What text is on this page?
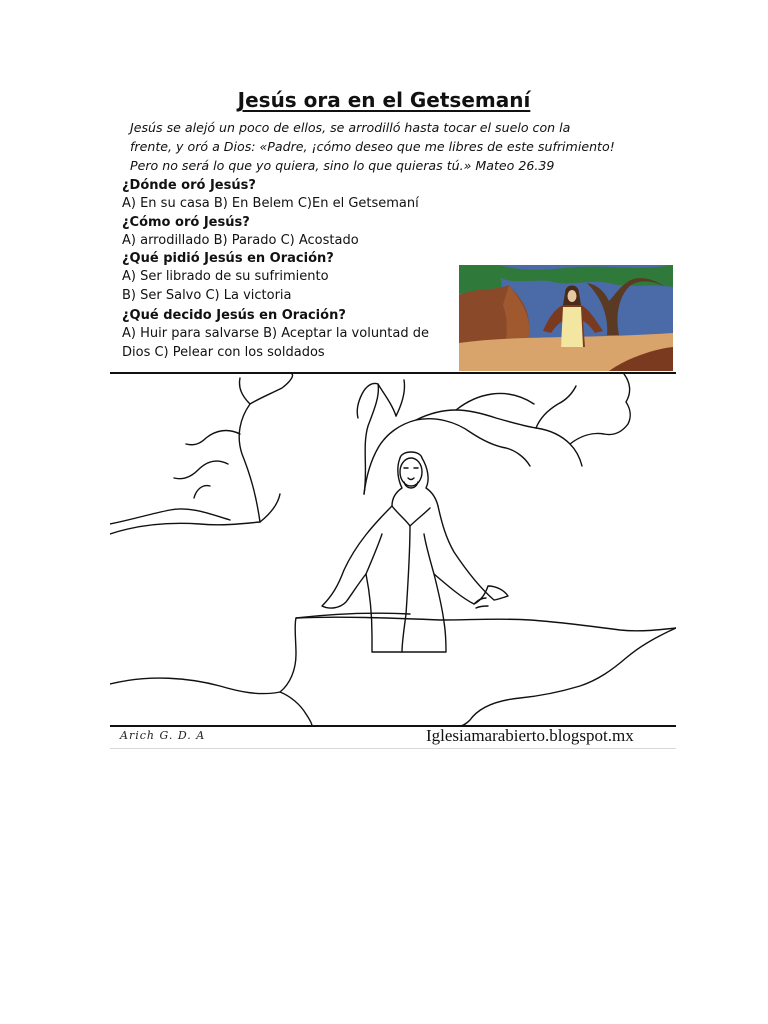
Jesús ora en el Getsemaní
Jesús se alejó un poco de ellos, se arrodilló hasta tocar el suelo con la
frente, y oró a Dios: «Padre, ¡cómo deseo que me libres de este sufrimiento!
Pero no será lo que yo quiera, sino lo que quieras tú.» Mateo 26.39
¿Dónde oró Jesús?
A) En su casa B) En Belem C)En el Getsemaní
¿Cómo oró Jesús?
A) arrodillado B) Parado C) Acostado
¿Qué pidió Jesús en Oración?
A) Ser librado de su sufrimiento
B) Ser Salvo C) La victoria
¿Qué decido Jesús en Oración?
A) Huir para salvarse B) Aceptar la voluntad de
Dios C) Pelear con los soldados
Arich G. D. A	Iglesiamarabierto.blogspot.mx
